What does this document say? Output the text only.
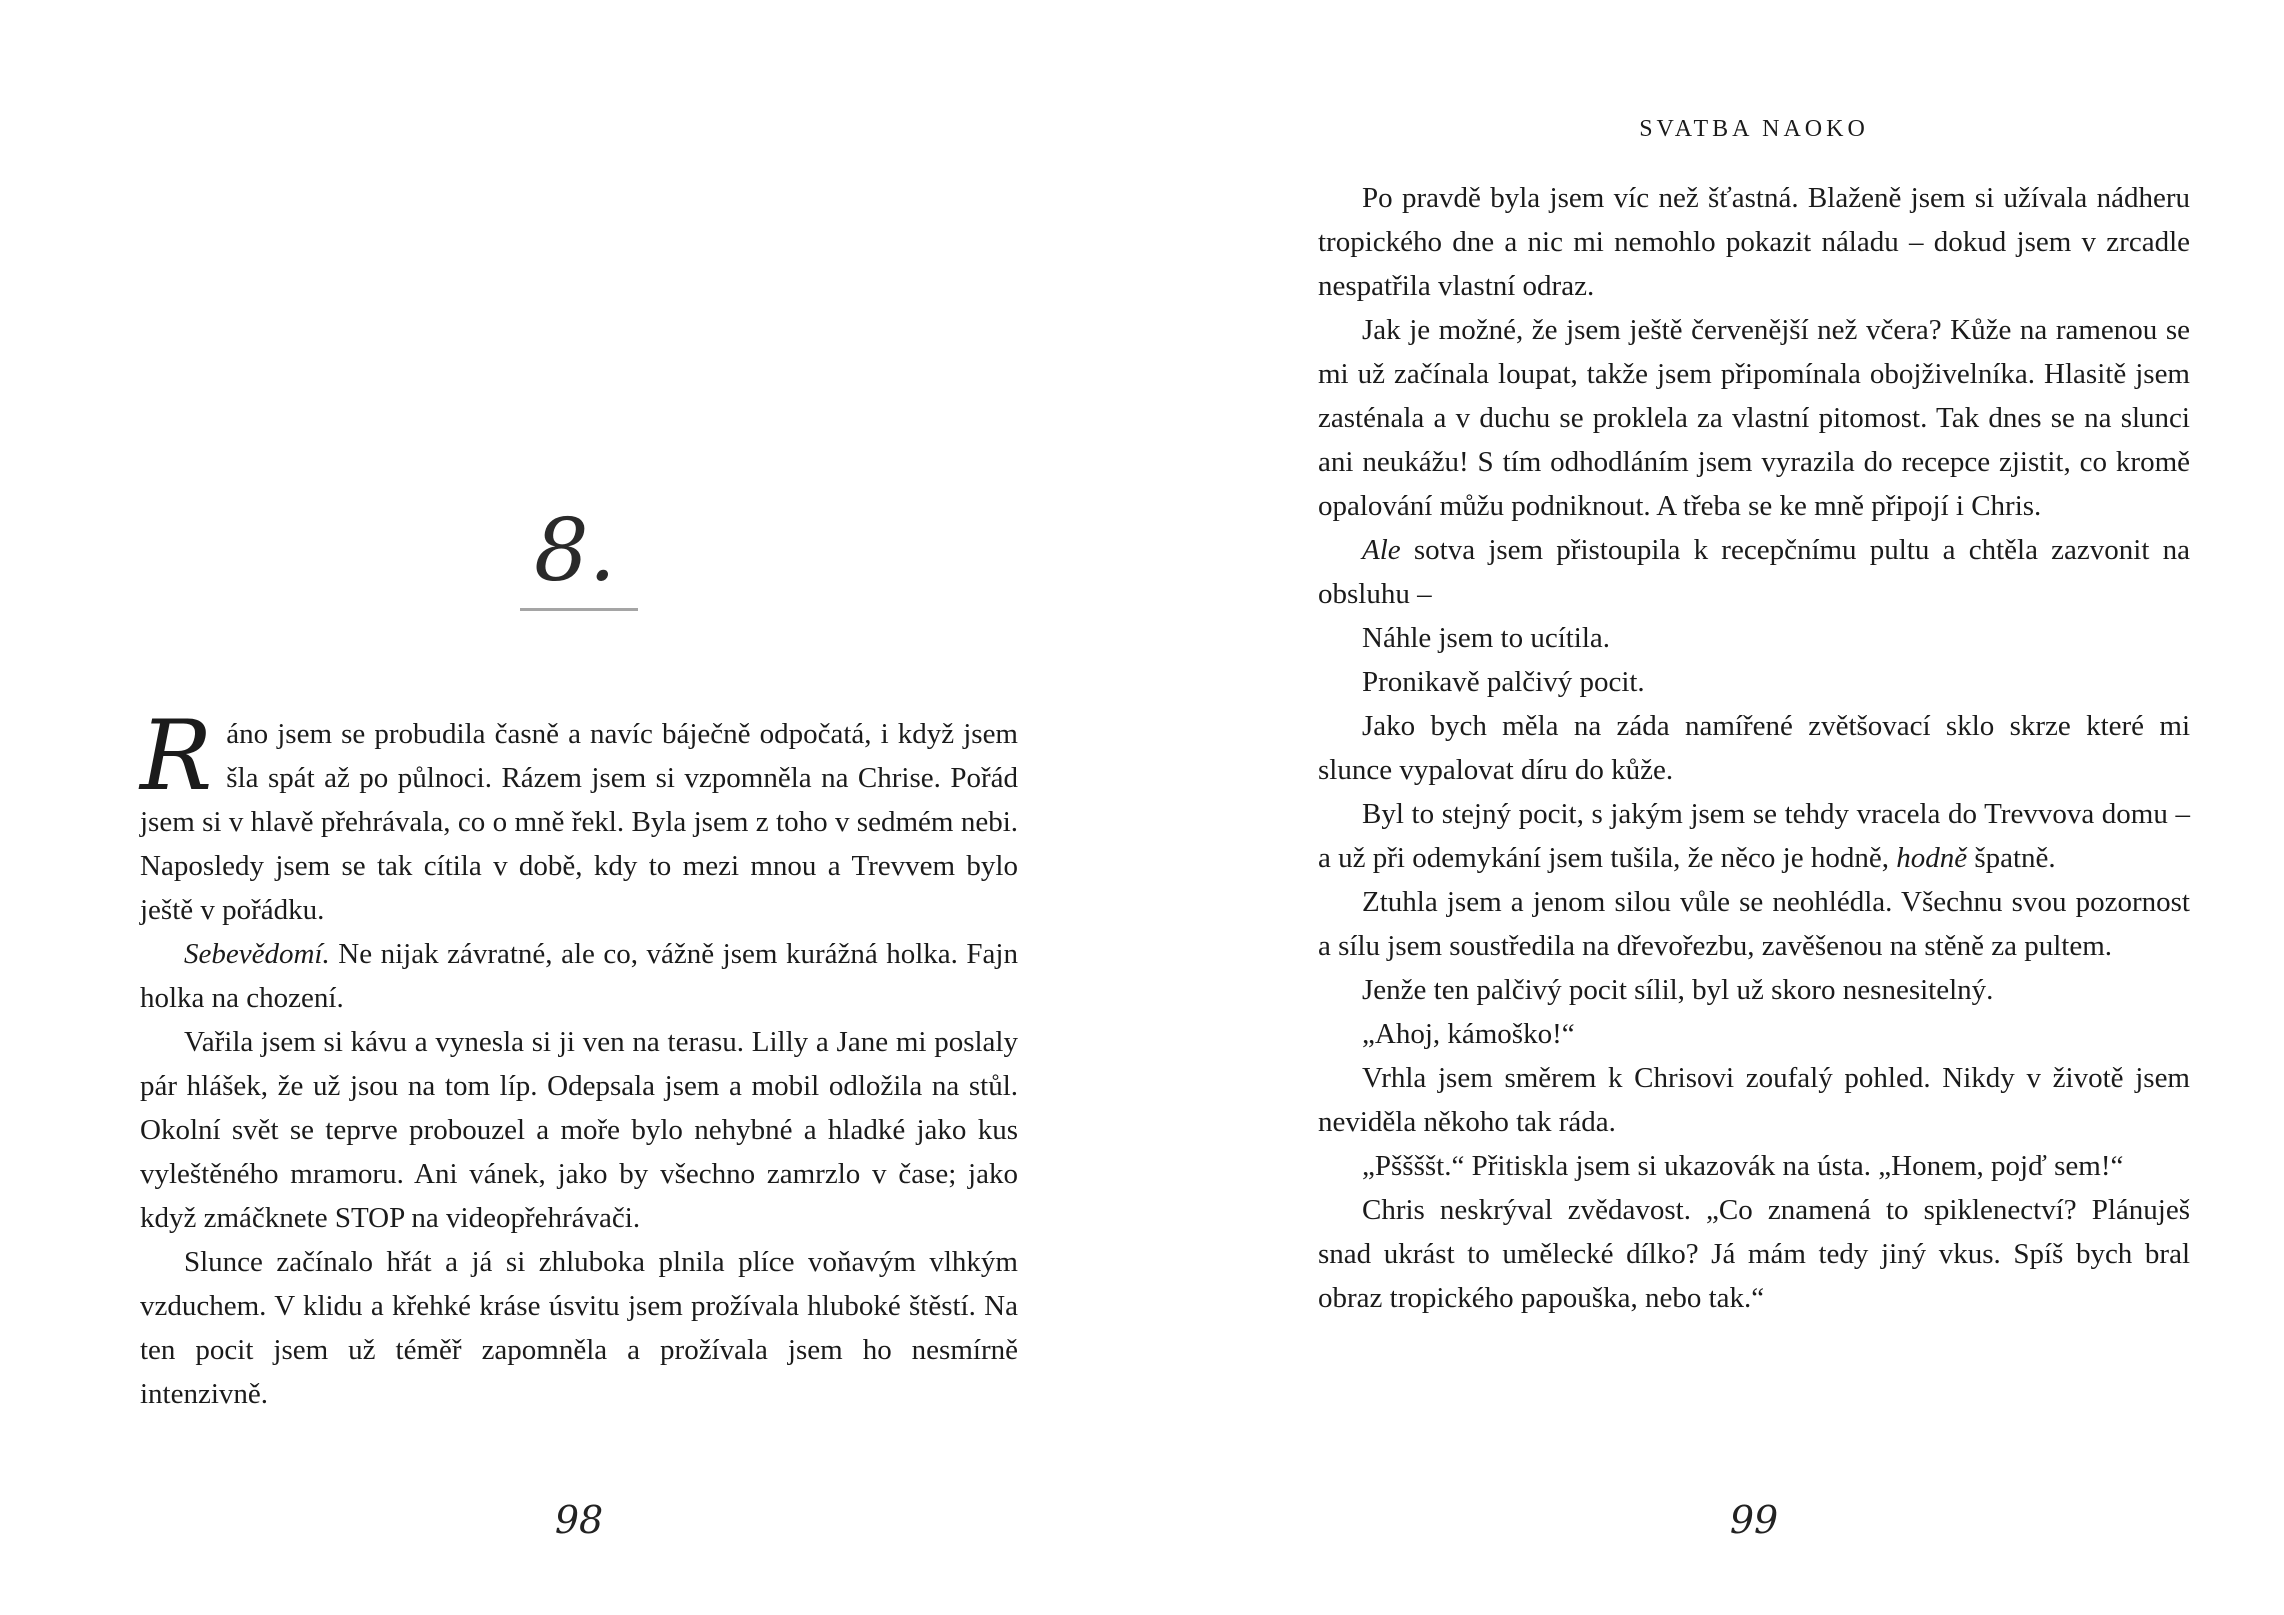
8.

Ráno jsem se probudila časně a navíc báječně odpočatá, i když jsem šla spát až po půlnoci. Rázem jsem si vzpomněla na Chrise. Pořád jsem si v hlavě přehrávala, co o mně řekl. Byla jsem z toho v sedmém nebi. Naposledy jsem se tak cítila v době, kdy to mezi mnou a Trevvem bylo ještě v pořádku.

Sebevědomí. Ne nijak závratné, ale co, vážně jsem kurážná holka. Fajn holka na chození.

Vařila jsem si kávu a vynesla si ji ven na terasu. Lilly a Jane mi poslaly pár hlášek, že už jsou na tom líp. Odepsala jsem a mobil odložila na stůl. Okolní svět se teprve probouzel a moře bylo nehybné a hladké jako kus vyleštěného mramoru. Ani vánek, jako by všechno zamrzlo v čase; jako když zmáčknete STOP na videopřehrávači.

Slunce začínalo hřát a já si zhluboka plnila plíce voňavým vlhkým vzduchem. V klidu a křehké kráse úsvitu jsem prožívala hluboké štěstí. Na ten pocit jsem už téměř zapomněla a prožívala jsem ho nesmírně intenzivně.

98
SVATBA NAOKO

Po pravdě byla jsem víc než šťastná. Blaženě jsem si užívala nádheru tropického dne a nic mi nemohlo pokazit náladu – dokud jsem v zrcadle nespatřila vlastní odraz.

Jak je možné, že jsem ještě červenější než včera? Kůže na ramenou se mi už začínala loupat, takže jsem připomínala obojživelníka. Hlasitě jsem zasténala a v duchu se proklela za vlastní pitomost. Tak dnes se na slunci ani neukážu! S tím odhodláním jsem vyrazila do recepce zjistit, co kromě opalování můžu podniknout. A třeba se ke mně připojí i Chris.

Ale sotva jsem přistoupila k recepčnímu pultu a chtěla zazvonit na obsluhu –

Náhle jsem to ucítila.

Pronikavě palčivý pocit.

Jako bych měla na záda namířené zvětšovací sklo skrze které mi slunce vypalovat díru do kůže.

Byl to stejný pocit, s jakým jsem se tehdy vracela do Trevvova domu – a už při odemykání jsem tušila, že něco je hodně, hodně špatně.

Ztuhla jsem a jenom silou vůle se neohlédla. Všechnu svou pozornost a sílu jsem soustředila na dřevořezbu, zavěšenou na stěně za pultem.

Jenže ten palčivý pocit sílil, byl už skoro nesnesitelný.

„Ahoj, kámoško!“

Vrhla jsem směrem k Chrisovi zoufalý pohled. Nikdy v životě jsem neviděla někoho tak ráda.

„Pššššt.“ Přitiskla jsem si ukazovák na ústa. „Honem, pojď sem!“

Chris neskrýval zvědavost. „Co znamená to spiklenectví? Plánuješ snad ukrást to umělecké dílko? Já mám tedy jiný vkus. Spíš bych bral obraz tropického papouška, nebo tak.“

99
